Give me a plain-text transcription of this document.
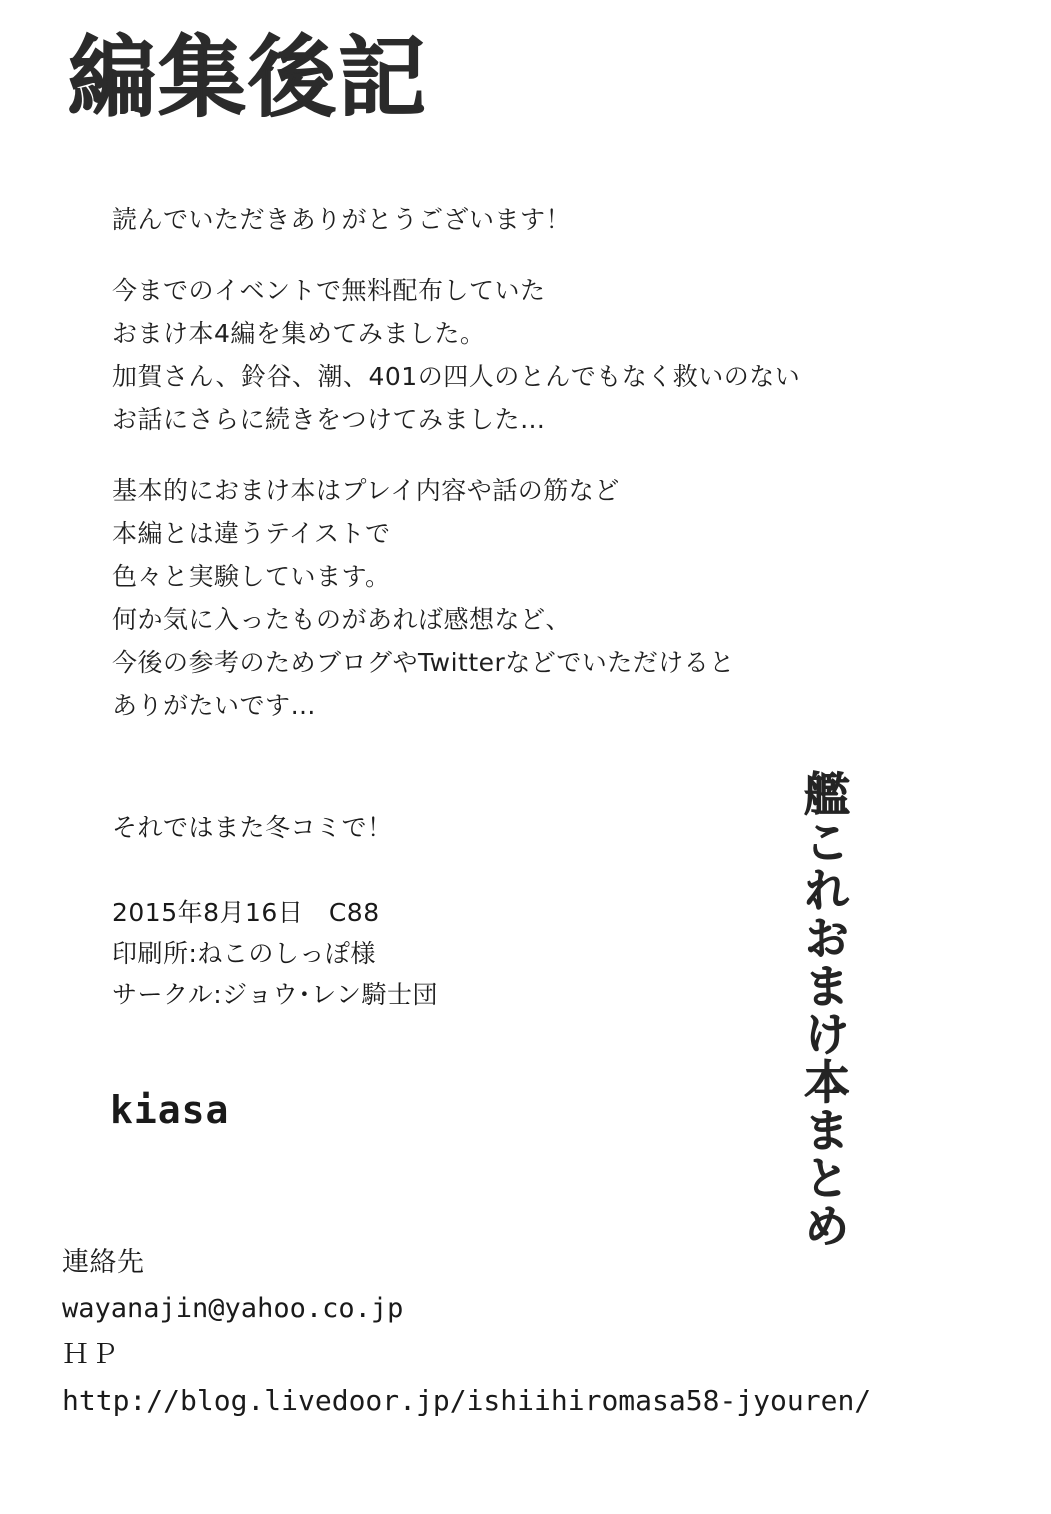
編集後記

読んでいただきありがとうございます！

今までのイベントで無料配布していた
おまけ本4編を集めてみました。
加賀さん、鈴谷、潮、401の四人のとんでもなく救いのない
お話にさらに続きをつけてみました…

基本的におまけ本はプレイ内容や話の筋など
本編とは違うテイストで
色々と実験しています。
何か気に入ったものがあれば感想など、
今後の参考のためブログやTwitterなどでいただけると
ありがたいです…

それではまた冬コミで！
2015年8月16日　C88
印刷所:ねこのしっぽ様
サークル:ジョウ･レン騎士団
kiasa
連絡先
wayanajin@yahoo.co.jp
ＨＰ
http://blog.livedoor.jp/ishiihiromasa58-jyouren/
艦これおまけ本まとめ
